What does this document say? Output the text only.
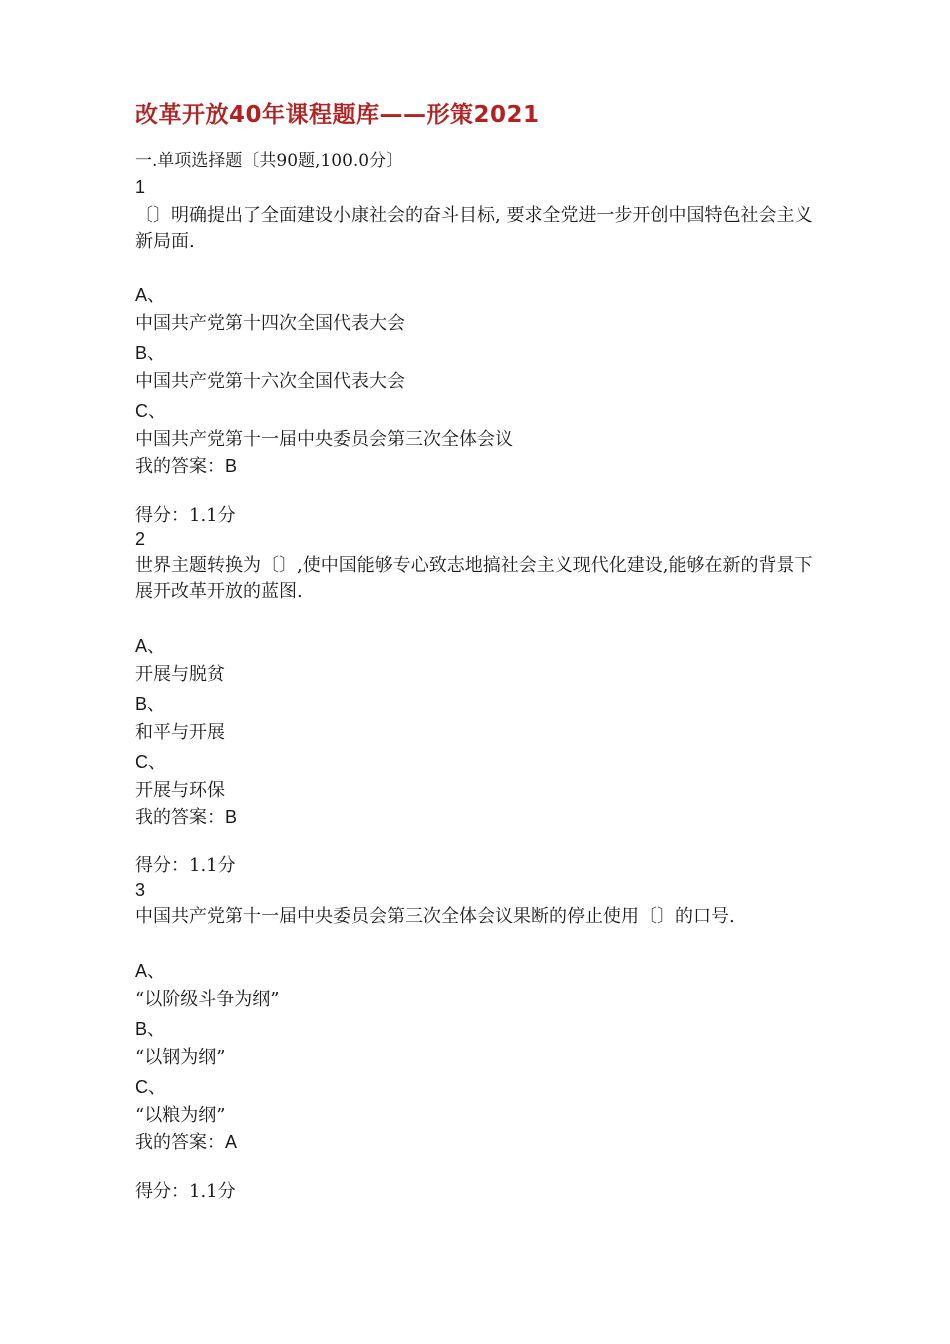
改革开放40年课程题库——形策2021
一.单项选择题〔共90题,100.0分〕
1
〔〕明确提出了全面建设小康社会的奋斗目标, 要求全党进一步开创中国特色社会主义新局面.
A、
中国共产党第十四次全国代表大会
B、
中国共产党第十六次全国代表大会
C、
中国共产党第十一届中央委员会第三次全体会议
我的答案：B
得分：1.1分
2
世界主题转换为〔〕,使中国能够专心致志地搞社会主义现代化建设,能够在新的背景下展开改革开放的蓝图.
A、
开展与脱贫
B、
和平与开展
C、
开展与环保
我的答案：B
得分：1.1分
3
中国共产党第十一届中央委员会第三次全体会议果断的停止使用〔〕的口号.
A、
“以阶级斗争为纲”
B、
“以钢为纲”
C、
“以粮为纲”
我的答案：A
得分：1.1分
